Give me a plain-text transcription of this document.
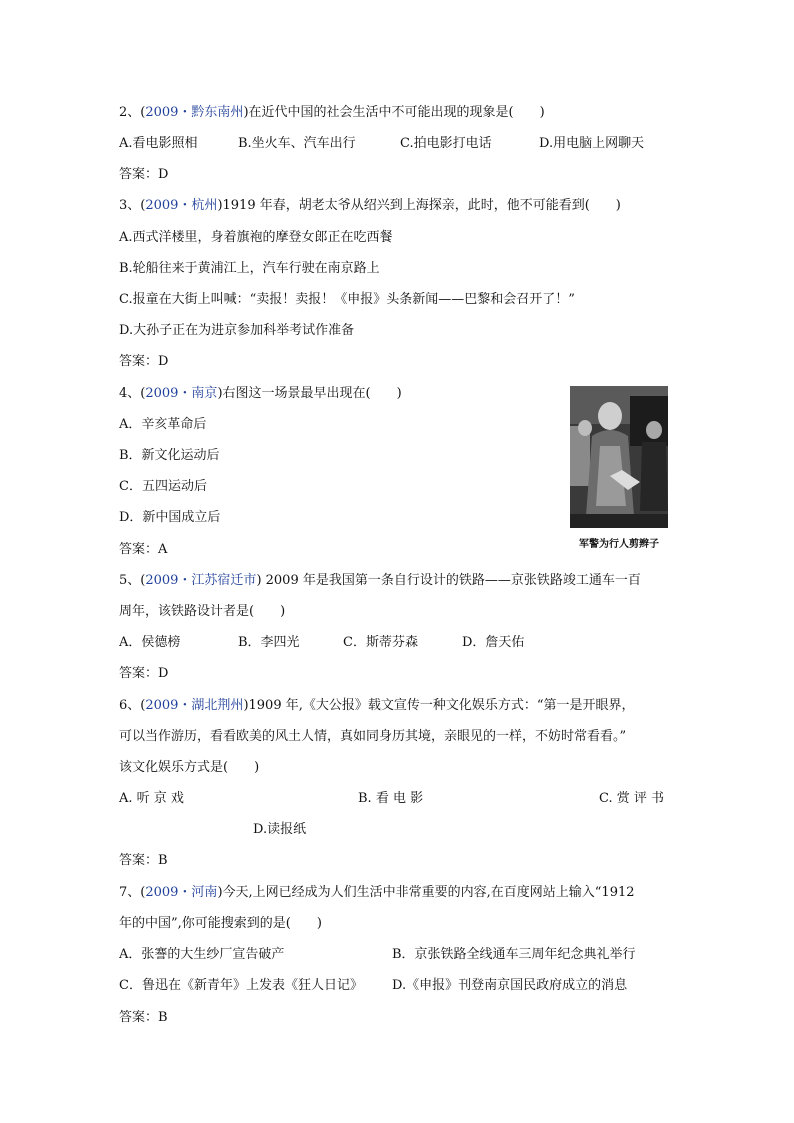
2、(2009・黔东南州)在近代中国的社会生活中不可能出现的现象是(　　)
A.看电影照相	B.坐火车、汽车出行	C.拍电影打电话	D.用电脑上网聊天
答案：D
3、(2009・杭州)1919 年春，胡老太爷从绍兴到上海探亲，此时，他不可能看到(　　)
A.西式洋楼里，身着旗袍的摩登女郎正在吃西餐
B.轮船往来于黄浦江上，汽车行驶在南京路上
C.报童在大街上叫喊：“卖报！卖报！《申报》头条新闻——巴黎和会召开了！”
D.大孙子正在为进京参加科举考试作准备
答案：D
4、(2009・南京)右图这一场景最早出现在(　　)
A．辛亥革命后
B．新文化运动后
C．五四运动后
D．新中国成立后
答案：A	军警为行人剪辫子
5、(2009・江苏宿迁市) 2009 年是我国第一条自行设计的铁路——京张铁路竣工通车一百
周年，该铁路设计者是(　　)
A．侯德榜	B．李四光	C．斯蒂芬森	D．詹天佑
答案：D
6、(2009・湖北荆州)1909 年,《大公报》载文宣传一种文化娱乐方式：“第一是开眼界，
可以当作游历，看看欧美的风土人情，真如同身历其境，亲眼见的一样，不妨时常看看。”
该文化娱乐方式是(　　)
A. 听 京 戏	B. 看 电 影	C. 赏 评 书
D.读报纸
答案：B
7、(2009・河南)今天,上网已经成为人们生活中非常重要的内容,在百度网站上输入“1912
年的中国”,你可能搜索到的是(　　)
A．张謇的大生纱厂宣告破产	B．京张铁路全线通车三周年纪念典礼举行
C．鲁迅在《新青年》上发表《狂人日记》 D.《申报》刊登南京国民政府成立的消息
答案：B
